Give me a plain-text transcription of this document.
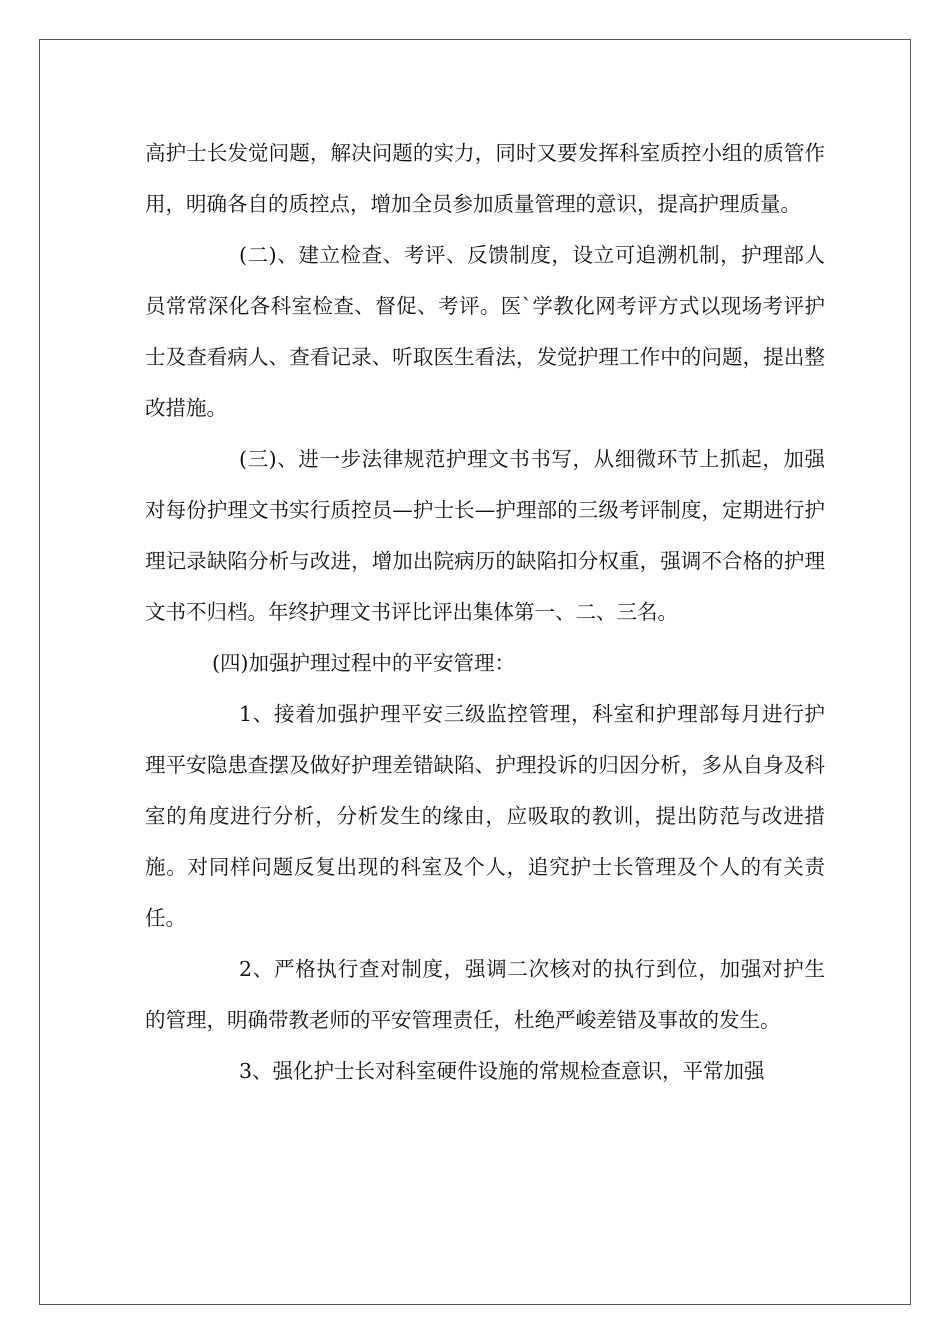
高护士长发觉问题，解决问题的实力，同时又要发挥科室质控小组的质管作用，明确各自的质控点，增加全员参加质量管理的意识，提高护理质量。

(二)、建立检查、考评、反馈制度，设立可追溯机制，护理部人员常常深化各科室检查、督促、考评。医`学教化网考评方式以现场考评护士及查看病人、查看记录、听取医生看法，发觉护理工作中的问题，提出整改措施。

(三)、进一步法律规范护理文书书写，从细微环节上抓起，加强对每份护理文书实行质控员—护士长—护理部的三级考评制度，定期进行护理记录缺陷分析与改进，增加出院病历的缺陷扣分权重，强调不合格的护理文书不归档。年终护理文书评比评出集体第一、二、三名。

(四)加强护理过程中的平安管理：

1、接着加强护理平安三级监控管理，科室和护理部每月进行护理平安隐患查摆及做好护理差错缺陷、护理投诉的归因分析，多从自身及科室的角度进行分析，分析发生的缘由，应吸取的教训，提出防范与改进措施。对同样问题反复出现的科室及个人，追究护士长管理及个人的有关责任。

2、严格执行查对制度，强调二次核对的执行到位，加强对护生的管理，明确带教老师的平安管理责任，杜绝严峻差错及事故的发生。

3、强化护士长对科室硬件设施的常规检查意识，平常加强
